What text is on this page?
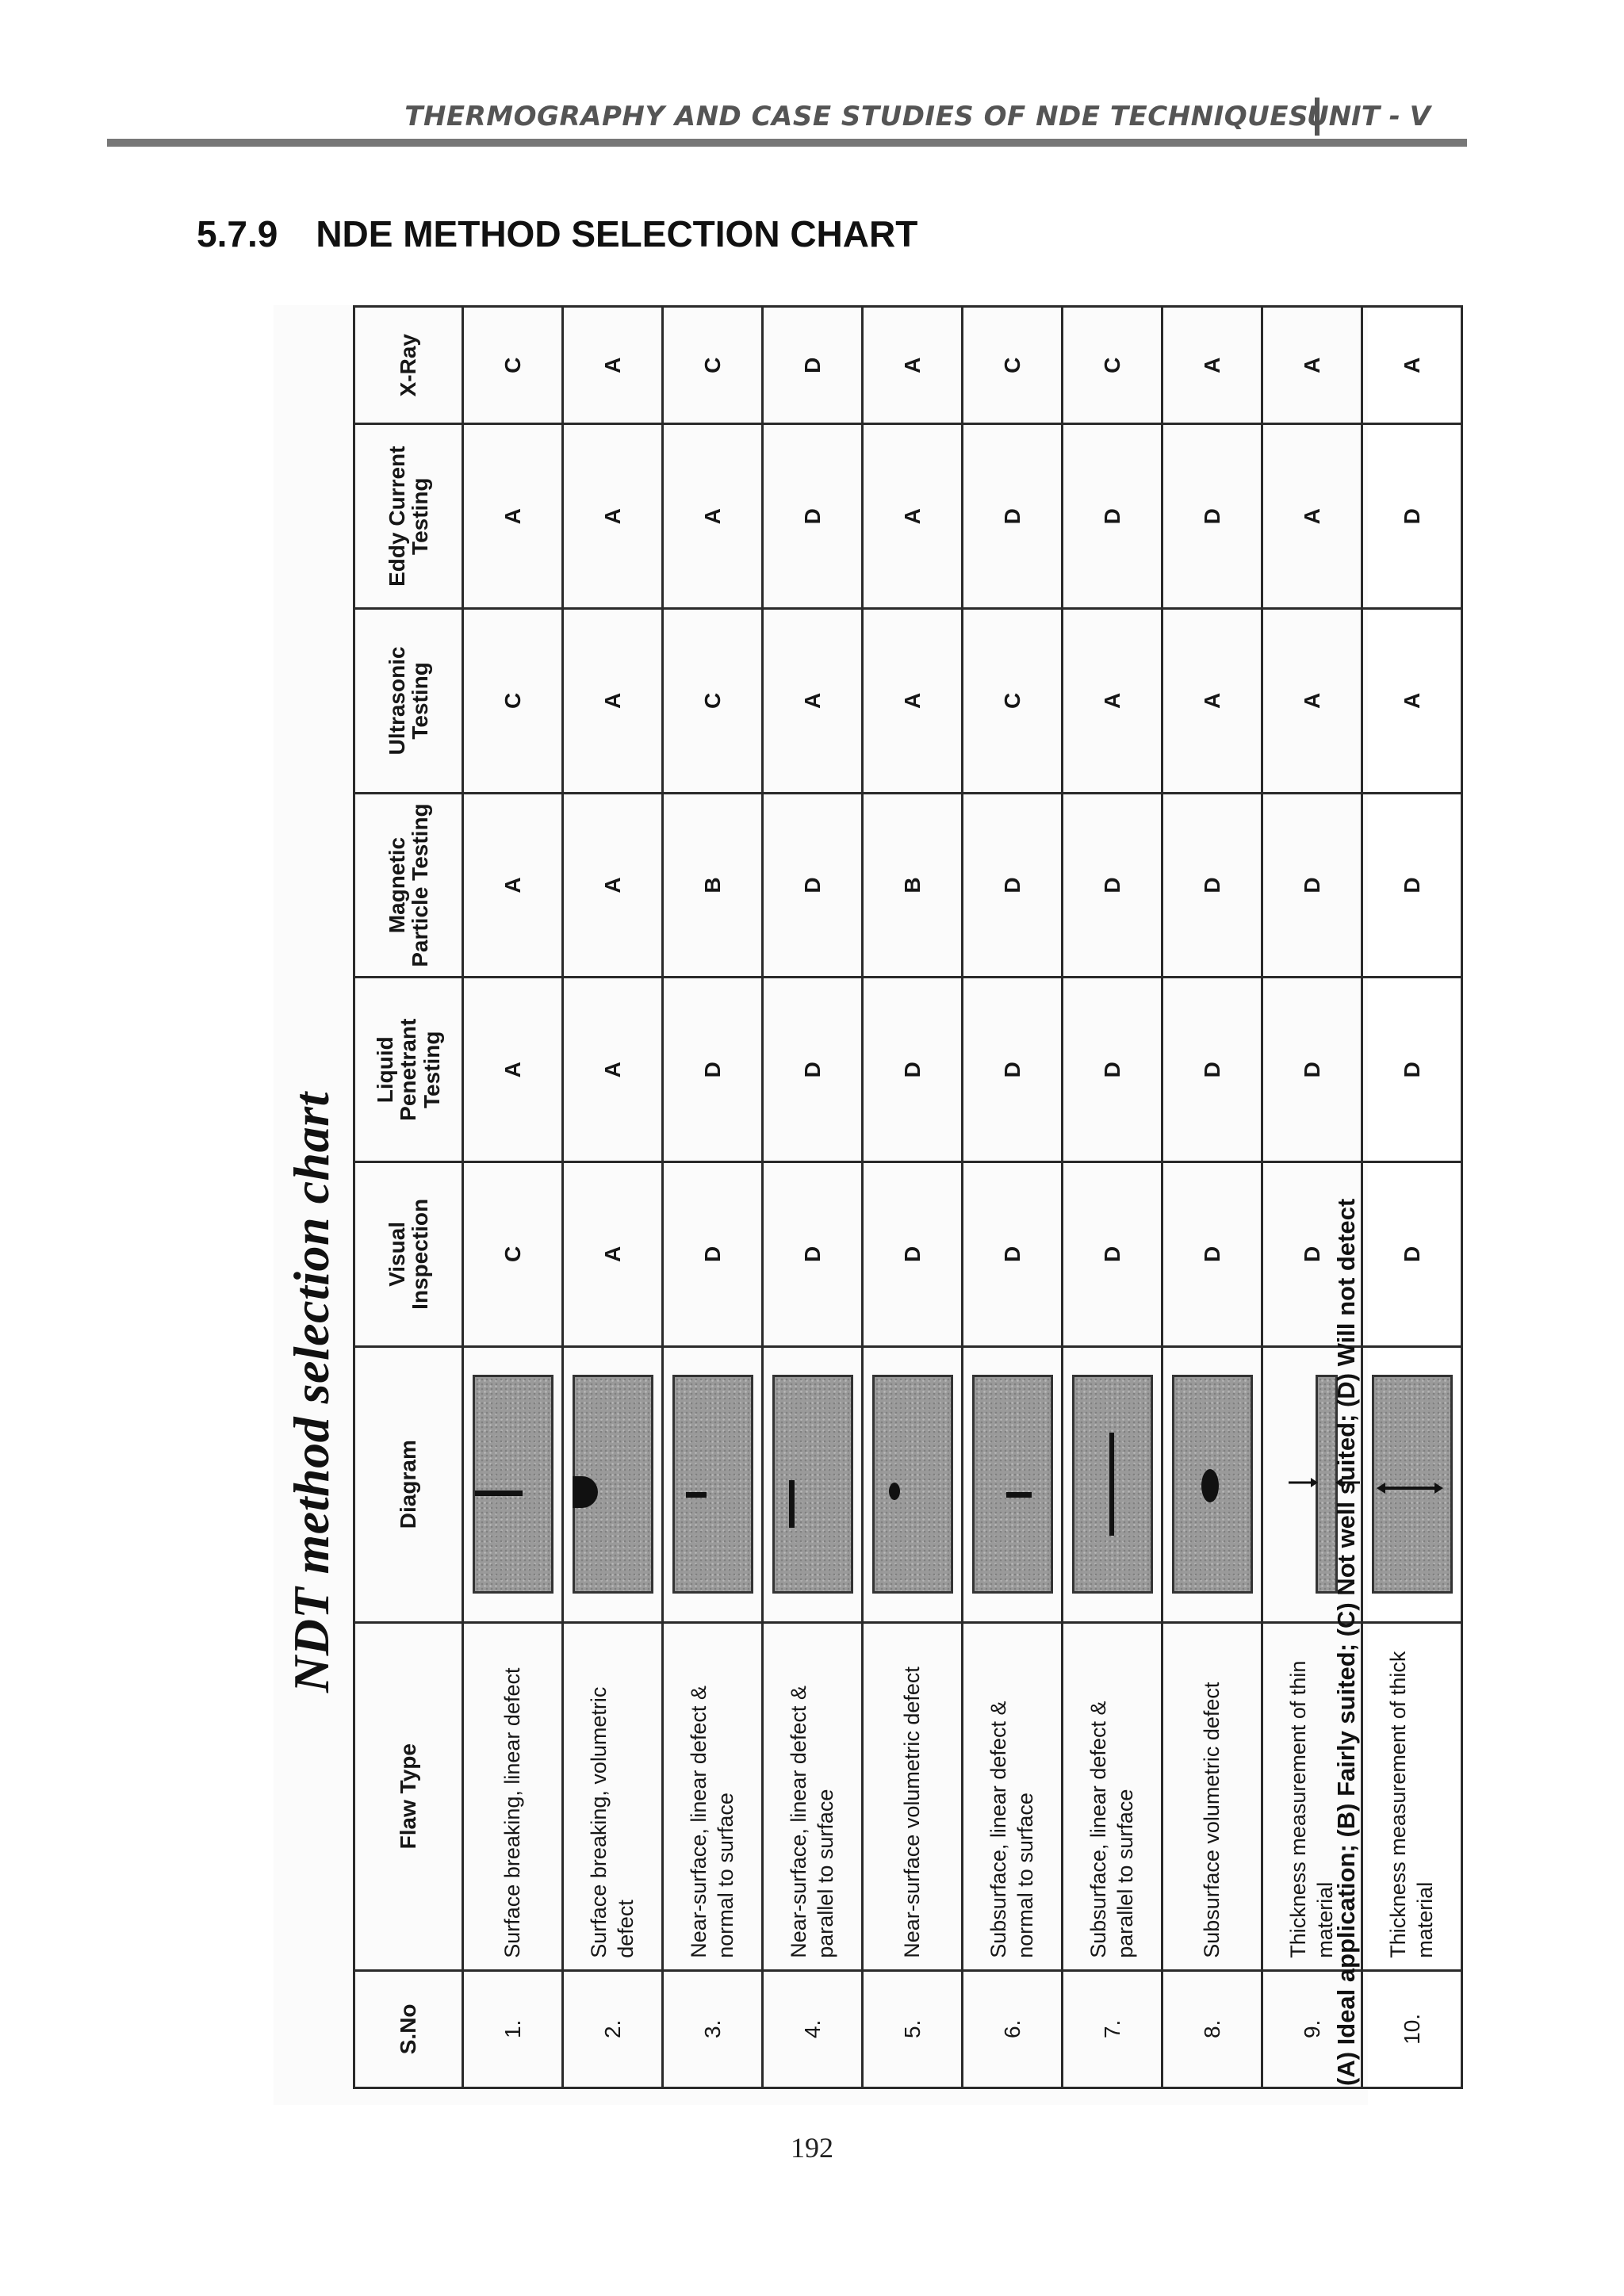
THERMOGRAPHY AND CASE STUDIES OF NDE TECHNIQUES
UNIT - V
5.7.9 NDE METHOD SELECTION CHART
NDT method selection chart
S.No	Flaw Type	Diagram	Visual Inspection	Liquid Penetrant Testing	Magnetic Particle Testing	Ultrasonic Testing	Eddy Current Testing	X-Ray
1.	Surface breaking, linear defect		C	A	A	C	A	C
2.	Surface breaking, volumetric defect		A	A	A	A	A	A
3.	Near-surface, linear defect & normal to surface		D	D	B	C	A	C
4.	Near-surface, linear defect & parallel to surface		D	D	D	A	D	D
5.	Near-surface volumetric defect		D	D	B	A	A	A
6.	Subsurface, linear defect & normal to surface		D	D	D	C	D	C
7.	Subsurface, linear defect & parallel to surface		D	D	D	A	D	C
8.	Subsurface volumetric defect		D	D	D	A	D	A
9.	Thickness measurement of thin material		D	D	D	A	A	A
10.	Thickness measurement of thick material		D	D	D	A	D	A
(A) Ideal application; (B) Fairly suited; (C) Not well suited; (D) Will not detect
192
